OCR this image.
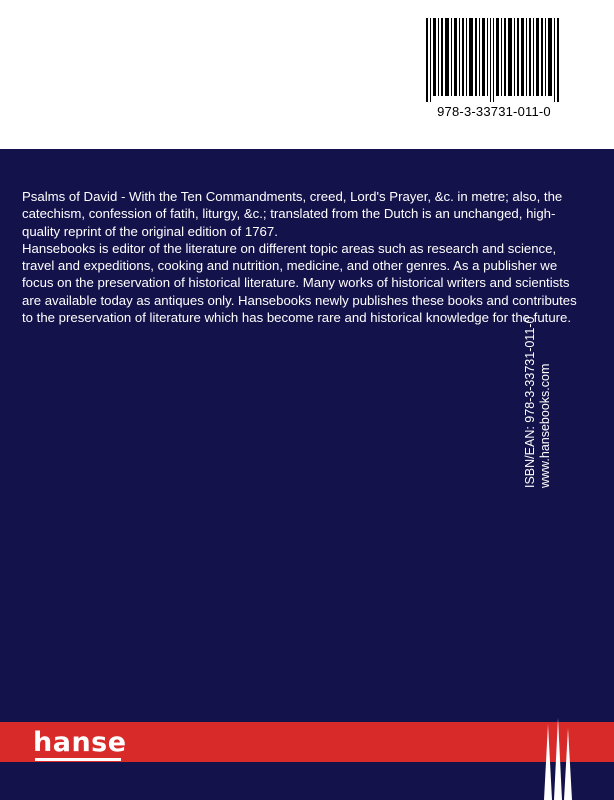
978-3-33731-011-0

Psalms of David - With the Ten Commandments, creed, Lord's Prayer, &c. in metre; also, the catechism, confession of fatih, liturgy, &c.; translated from the Dutch is an unchanged, high-quality reprint of the original edition of 1767.

Hansebooks is editor of the literature on different topic areas such as research and science, travel and expeditions, cooking and nutrition, medicine, and other genres. As a publisher we focus on the preservation of historical literature. Many works of historical writers and scientists are available today as antiques only. Hansebooks newly publishes these books and contributes to the preservation of literature which has become rare and historical knowledge for the future.

ISBN/EAN: 978-3-33731-011-0 www.hansebooks.com
hanse
